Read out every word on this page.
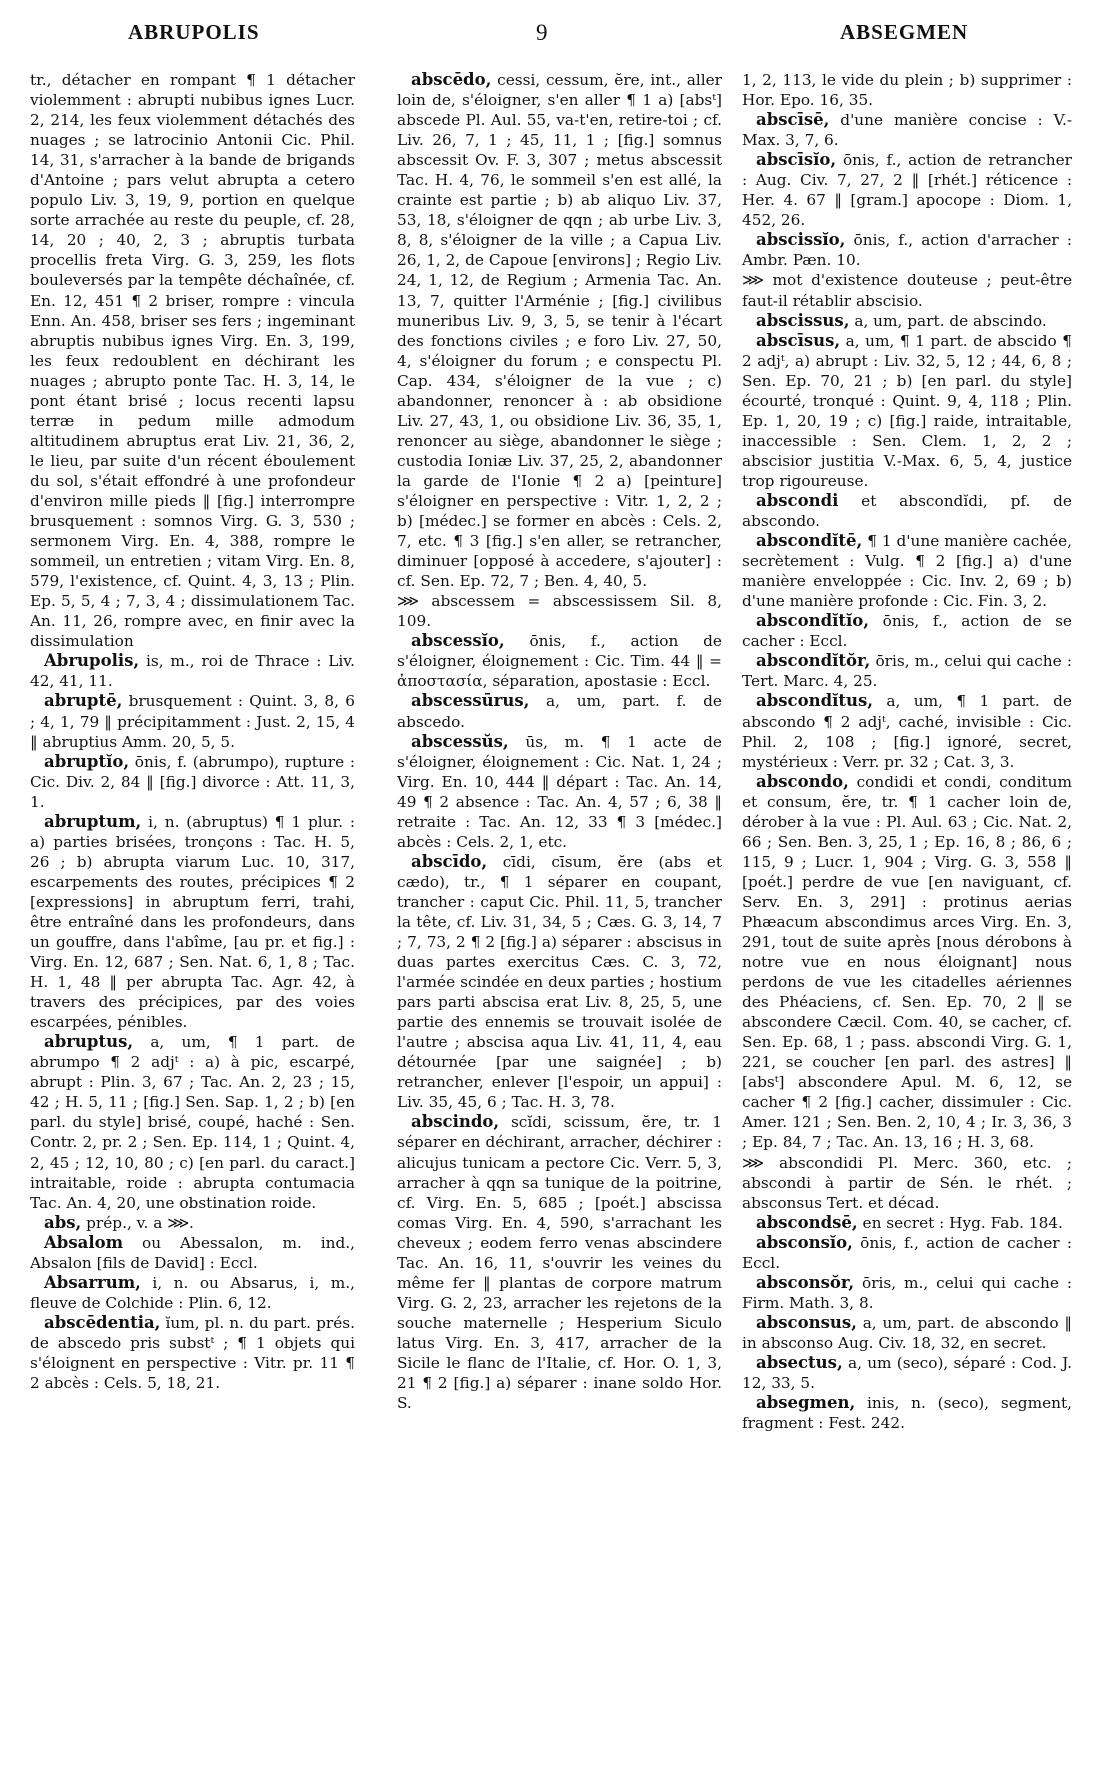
ABRUPOLIS	9	ABSEGMEN

tr., détacher en rompant ¶ 1 détacher violemment : abrupti nubibus ignes Lucr. 2, 214, les feux violemment détachés des nuages ; se latrocinio Antonii Cic. Phil. 14, 31, s'arracher à la bande de brigands d'Antoine ; pars velut abrupta a cetero populo Liv. 3, 19, 9, portion en quelque sorte arrachée au reste du peuple, cf. 28, 14, 20 ; 40, 2, 3 ; abruptis turbata procellis freta Virg. G. 3, 259, les flots bouleversés par la tempête déchaînée, cf. En. 12, 451 ¶ 2 briser, rompre : vincula Enn. An. 458, briser ses fers ; ingeminant abruptis nubibus ignes Virg. En. 3, 199, les feux redoublent en déchirant les nuages ; abrupto ponte Tac. H. 3, 14, le pont étant brisé ; locus recenti lapsu terræ in pedum mille admodum altitudinem abruptus erat Liv. 21, 36, 2, le lieu, par suite d'un récent éboulement du sol, s'était effondré à une profondeur d'environ mille pieds ‖ [fig.] interrompre brusquement : somnos Virg. G. 3, 530 ; sermonem Virg. En. 4, 388, rompre le sommeil, un entretien ; vitam Virg. En. 8, 579, l'existence, cf. Quint. 4, 3, 13 ; Plin. Ep. 5, 5, 4 ; 7, 3, 4 ; dissimulationem Tac. An. 11, 26, rompre avec, en finir avec la dissimulation

Abrupolis, is, m., roi de Thrace : Liv. 42, 41, 11.

abruptē, brusquement : Quint. 3, 8, 6 ; 4, 1, 79 ‖ précipitamment : Just. 2, 15, 4 ‖ abruptius Amm. 20, 5, 5.

abruptĭo, ōnis, f. (abrumpo), rupture : Cic. Div. 2, 84 ‖ [fig.] divorce : Att. 11, 3, 1.

abruptum, i, n. (abruptus) ¶ 1 plur. : a) parties brisées, tronçons : Tac. H. 5, 26 ; b) abrupta viarum Luc. 10, 317, escarpements des routes, précipices ¶ 2 [expressions] in abruptum ferri, trahi, être entraîné dans les profondeurs, dans un gouffre, dans l'abîme, [au pr. et fig.] : Virg. En. 12, 687 ; Sen. Nat. 6, 1, 8 ; Tac. H. 1, 48 ‖ per abrupta Tac. Agr. 42, à travers des précipices, par des voies escarpées, pénibles.

abruptus, a, um, ¶ 1 part. de abrumpo ¶ 2 adjᵗ : a) à pic, escarpé, abrupt : Plin. 3, 67 ; Tac. An. 2, 23 ; 15, 42 ; H. 5, 11 ; [fig.] Sen. Sap. 1, 2 ; b) [en parl. du style] brisé, coupé, haché : Sen. Contr. 2, pr. 2 ; Sen. Ep. 114, 1 ; Quint. 4, 2, 45 ; 12, 10, 80 ; c) [en parl. du caract.] intraitable, roide : abrupta contumacia Tac. An. 4, 20, une obstination roide.

abs, prép., v. a ⋙.

Absalom ou Abessalon, m. ind., Absalon [fils de David] : Eccl.

Absarrum, i, n. ou Absarus, i, m., fleuve de Colchide : Plin. 6, 12.

abscēdentia, ĭum, pl. n. du part. prés. de abscedo pris substᵗ ; ¶ 1 objets qui s'éloignent en perspective : Vitr. pr. 11 ¶ 2 abcès : Cels. 5, 18, 21.

abscēdo, cessi, cessum, ĕre, int., aller loin de, s'éloigner, s'en aller ¶ 1 a) [absᵗ] abscede Pl. Aul. 55, va-t'en, retire-toi ; cf. Liv. 26, 7, 1 ; 45, 11, 1 ; [fig.] somnus abscessit Ov. F. 3, 307 ; metus abscessit Tac. H. 4, 76, le sommeil s'en est allé, la crainte est partie ; b) ab aliquo Liv. 37, 53, 18, s'éloigner de qqn ; ab urbe Liv. 3, 8, 8, s'éloigner de la ville ; a Capua Liv. 26, 1, 2, de Capoue [environs] ; Regio Liv. 24, 1, 12, de Regium ; Armenia Tac. An. 13, 7, quitter l'Arménie ; [fig.] civilibus muneribus Liv. 9, 3, 5, se tenir à l'écart des fonctions civiles ; e foro Liv. 27, 50, 4, s'éloigner du forum ; e conspectu Pl. Cap. 434, s'éloigner de la vue ; c) abandonner, renoncer à : ab obsidione Liv. 27, 43, 1, ou obsidione Liv. 36, 35, 1, renoncer au siège, abandonner le siège ; custodia Ioniæ Liv. 37, 25, 2, abandonner la garde de l'Ionie ¶ 2 a) [peinture] s'éloigner en perspective : Vitr. 1, 2, 2 ; b) [médec.] se former en abcès : Cels. 2, 7, etc. ¶ 3 [fig.] s'en aller, se retrancher, diminuer [opposé à accedere, s'ajouter] : cf. Sen. Ep. 72, 7 ; Ben. 4, 40, 5.

⋙ abscessem = abscessissem Sil. 8, 109.

abscessĭo, ōnis, f., action de s'éloigner, éloignement : Cic. Tim. 44 ‖ = ἀποστασία, séparation, apostasie : Eccl.

abscessūrus, a, um, part. f. de abscedo.

abscessŭs, ūs, m. ¶ 1 acte de s'éloigner, éloignement : Cic. Nat. 1, 24 ; Virg. En. 10, 444 ‖ départ : Tac. An. 14, 49 ¶ 2 absence : Tac. An. 4, 57 ; 6, 38 ‖ retraite : Tac. An. 12, 33 ¶ 3 [médec.] abcès : Cels. 2, 1, etc.

abscīdo, cīdi, cīsum, ĕre (abs et cædo), tr., ¶ 1 séparer en coupant, trancher : caput Cic. Phil. 11, 5, trancher la tête, cf. Liv. 31, 34, 5 ; Cæs. G. 3, 14, 7 ; 7, 73, 2 ¶ 2 [fig.] a) séparer : abscisus in duas partes exercitus Cæs. C. 3, 72, l'armée scindée en deux parties ; hostium pars parti abscisa erat Liv. 8, 25, 5, une partie des ennemis se trouvait isolée de l'autre ; abscisa aqua Liv. 41, 11, 4, eau détournée [par une saignée] ; b) retrancher, enlever [l'espoir, un appui] : Liv. 35, 45, 6 ; Tac. H. 3, 78.

abscindo, scĭdi, scissum, ĕre, tr. 1 séparer en déchirant, arracher, déchirer : alicujus tunicam a pectore Cic. Verr. 5, 3, arracher à qqn sa tunique de la poitrine, cf. Virg. En. 5, 685 ; [poét.] abscissa comas Virg. En. 4, 590, s'arrachant les cheveux ; eodem ferro venas abscindere Tac. An. 16, 11, s'ouvrir les veines du même fer ‖ plantas de corpore matrum Virg. G. 2, 23, arracher les rejetons de la souche maternelle ; Hesperium Siculo latus Virg. En. 3, 417, arracher de la Sicile le flanc de l'Italie, cf. Hor. O. 1, 3, 21 ¶ 2 [fig.] a) séparer : inane soldo Hor. S.

1, 2, 113, le vide du plein ; b) supprimer : Hor. Epo. 16, 35.

abscīsē, d'une manière concise : V.-Max. 3, 7, 6.

abscīsĭo, ōnis, f., action de retrancher : Aug. Civ. 7, 27, 2 ‖ [rhét.] réticence : Her. 4. 67 ‖ [gram.] apocope : Diom. 1, 452, 26.

abscissĭo, ōnis, f., action d'arracher : Ambr. Pæn. 10.

⋙ mot d'existence douteuse ; peut-être faut-il rétablir abscisio.

abscissus, a, um, part. de abscindo.

abscīsus, a, um, ¶ 1 part. de abscido ¶ 2 adjᵗ, a) abrupt : Liv. 32, 5, 12 ; 44, 6, 8 ; Sen. Ep. 70, 21 ; b) [en parl. du style] écourté, tronqué : Quint. 9, 4, 118 ; Plin. Ep. 1, 20, 19 ; c) [fig.] raide, intraitable, inaccessible : Sen. Clem. 1, 2, 2 ; abscisior justitia V.-Max. 6, 5, 4, justice trop rigoureuse.

abscondi et abscondĭdi, pf. de abscondo.

abscondĭtē, ¶ 1 d'une manière cachée, secrètement : Vulg. ¶ 2 [fig.] a) d'une manière enveloppée : Cic. Inv. 2, 69 ; b) d'une manière profonde : Cic. Fin. 3, 2.

abscondĭtĭo, ōnis, f., action de se cacher : Eccl.

abscondĭtŏr, ōris, m., celui qui cache : Tert. Marc. 4, 25.

abscondĭtus, a, um, ¶ 1 part. de abscondo ¶ 2 adjᵗ, caché, invisible : Cic. Phil. 2, 108 ; [fig.] ignoré, secret, mystérieux : Verr. pr. 32 ; Cat. 3, 3.

abscondo, condidi et condi, conditum et consum, ĕre, tr. ¶ 1 cacher loin de, dérober à la vue : Pl. Aul. 63 ; Cic. Nat. 2, 66 ; Sen. Ben. 3, 25, 1 ; Ep. 16, 8 ; 86, 6 ; 115, 9 ; Lucr. 1, 904 ; Virg. G. 3, 558 ‖ [poét.] perdre de vue [en naviguant, cf. Serv. En. 3, 291] : protinus aerias Phæacum abscondimus arces Virg. En. 3, 291, tout de suite après [nous dérobons à notre vue en nous éloignant] nous perdons de vue les citadelles aériennes des Phéaciens, cf. Sen. Ep. 70, 2 ‖ se abscondere Cæcil. Com. 40, se cacher, cf. Sen. Ep. 68, 1 ; pass. abscondi Virg. G. 1, 221, se coucher [en parl. des astres] ‖ [absᵗ] abscondere Apul. M. 6, 12, se cacher ¶ 2 [fig.] cacher, dissimuler : Cic. Amer. 121 ; Sen. Ben. 2, 10, 4 ; Ir. 3, 36, 3 ; Ep. 84, 7 ; Tac. An. 13, 16 ; H. 3, 68.

⋙ abscondidi Pl. Merc. 360, etc. ; abscondi à partir de Sén. le rhét. ; absconsus Tert. et décad.

abscondsē, en secret : Hyg. Fab. 184.

absconsĭo, ōnis, f., action de cacher : Eccl.

absconsŏr, ōris, m., celui qui cache : Firm. Math. 3, 8.

absconsus, a, um, part. de abscondo ‖ in absconso Aug. Civ. 18, 32, en secret.

absectus, a, um (seco), séparé : Cod. J. 12, 33, 5.

absegmen, inis, n. (seco), segment, fragment : Fest. 242.
